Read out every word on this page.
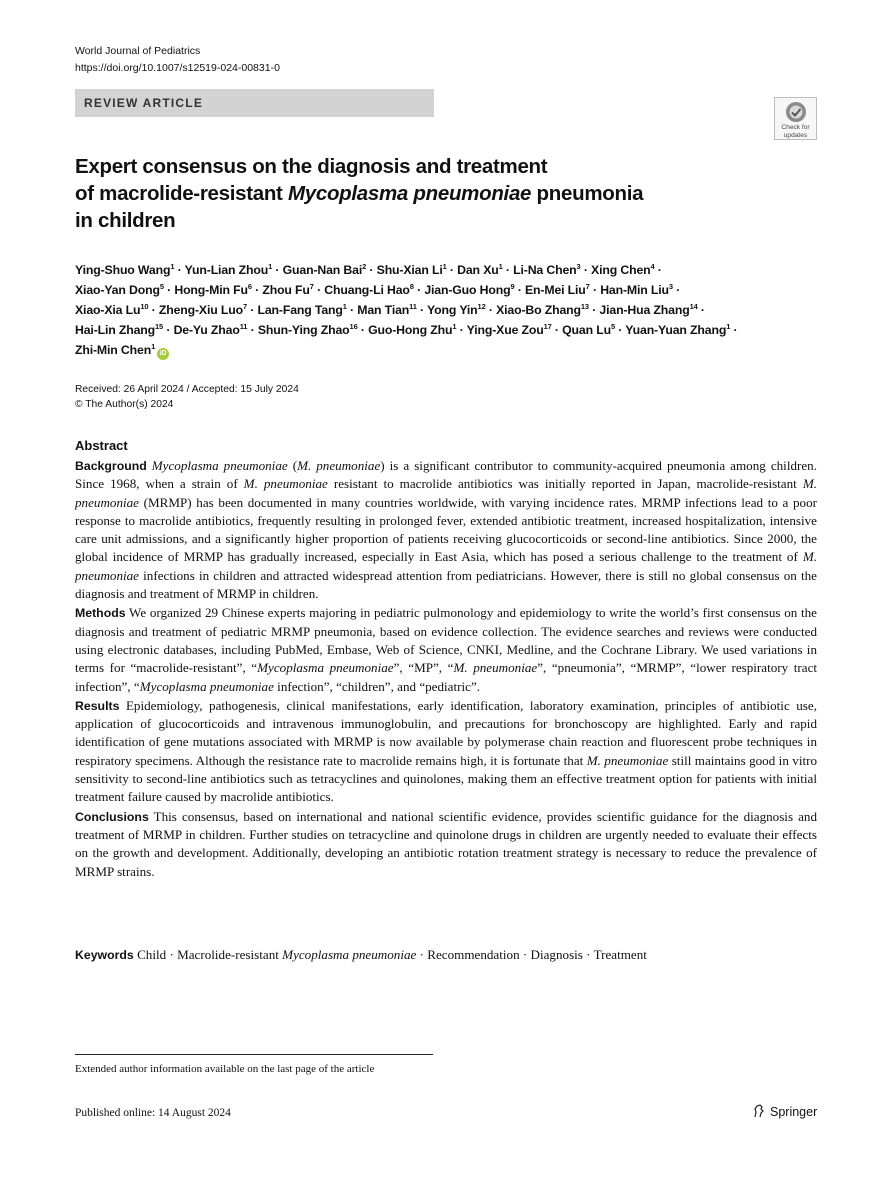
World Journal of Pediatrics
https://doi.org/10.1007/s12519-024-00831-0
REVIEW ARTICLE
Check for
updates
Expert consensus on the diagnosis and treatment
of macrolide-resistant Mycoplasma pneumoniae pneumonia
in children
Ying-Shuo Wang$^1$ · Yun-Lian Zhou$^1$ · Guan-Nan Bai$^2$ · Shu-Xian $Li^1$ · Dan $Xu^1 \cdot Li-Na$ Chen$^3$ · Xing Chen$^4$ ·
Xiao-Yan Dong$^5$ · Hong-Min $Fu^6$ · Zhou $Fu^7$ · Chuang-Li Hao$^8$ · Jian-Guo Hong$^9$ · En-Mei Liu$^7$ · Han-Min Liu$^3$ ·
Xiao-Xia $Lu^{10}$ · Zheng-Xiu Luo$^7$ · Lan-Fang Tang$^1$ · Man Tian$^{11}$ · Yong Yin$^{12}$ · Xiao-Bo Zhang$^{13}$ · Jian-Hua Zhang$^{14}$ ·
Hai-Lin Zhang$^{15}$ · De-Yu Zhao$^{11}$ · Shun-Ying Zhao$^{16}$ · Guo-Hong Zhu$^1$ · Ying-Xue Zou$^{17}$ · Quan $Lu^5$ · Yuan-Yuan Zhang$^1$ ·
Zhi-Min Chen$^1$iD
Received: 26 April 2024 / Accepted: 15 July 2024
© The Author(s) 2024
Abstract

Background Mycoplasma pneumoniae (M. pneumoniae) is a significant contributor to community-acquired pneumonia among children. Since 1968, when a strain of M. pneumoniae resistant to macrolide antibiotics was initially reported in Japan, macrolide-resistant M. pneumoniae (MRMP) has been documented in many countries worldwide, with varying incidence rates. MRMP infections lead to a poor response to macrolide antibiotics, frequently resulting in prolonged fever, extended antibiotic treatment, increased hospitalization, intensive care unit admissions, and a significantly higher proportion of patients receiving glucocorticoids or second-line antibiotics. Since 2000, the global incidence of MRMP has gradually increased, especially in East Asia, which has posed a serious challenge to the treatment of M. pneumoniae infections in children and attracted widespread attention from pediatricians. However, there is still no global consensus on the diagnosis and treatment of MRMP in children.

Methods We organized 29 Chinese experts majoring in pediatric pulmonology and epidemiology to write the world’s first consensus on the diagnosis and treatment of pediatric MRMP pneumonia, based on evidence collection. The evidence searches and reviews were conducted using electronic databases, including PubMed, Embase, Web of Science, CNKI, Medline, and the Cochrane Library. We used variations in terms for “macrolide-resistant”, “Mycoplasma pneumoniae”, “MP”, “M. pneumoniae”, “pneumonia”, “MRMP”, “lower respiratory tract infection”, “Mycoplasma pneumoniae infection”, “children”, and “pediatric”.

Results Epidemiology, pathogenesis, clinical manifestations, early identification, laboratory examination, principles of antibiotic use, application of glucocorticoids and intravenous immunoglobulin, and precautions for bronchoscopy are highlighted. Early and rapid identification of gene mutations associated with MRMP is now available by polymerase chain reaction and fluorescent probe techniques in respiratory specimens. Although the resistance rate to macrolide remains high, it is fortunate that M. pneumoniae still maintains good in vitro sensitivity to second-line antibiotics such as tetracyclines and quinolones, making them an effective treatment option for patients with initial treatment failure caused by macrolide antibiotics.

Conclusions This consensus, based on international and national scientific evidence, provides scientific guidance for the diagnosis and treatment of MRMP in children. Further studies on tetracycline and quinolone drugs in children are urgently needed to evaluate their effects on the growth and development. Additionally, developing an antibiotic rotation treatment strategy is necessary to reduce the prevalence of MRMP strains.

Keywords Child · Macrolide-resistant Mycoplasma pneumoniae · Recommendation · Diagnosis · Treatment
Extended author information available on the last page of the article
Published online: 14 August 2024	Springer
